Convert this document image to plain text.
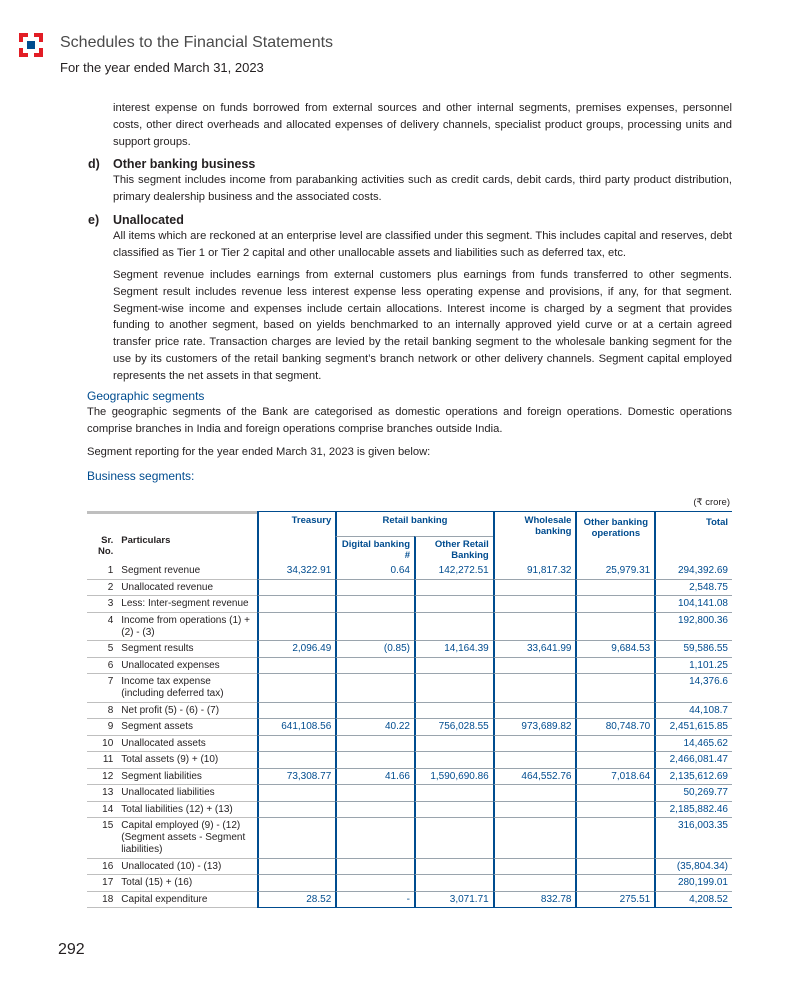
Schedules to the Financial Statements
For the year ended March 31, 2023
interest expense on funds borrowed from external sources and other internal segments, premises expenses, personnel costs, other direct overheads and allocated expenses of delivery channels, specialist product groups, processing units and support groups.
d) Other banking business
This segment includes income from parabanking activities such as credit cards, debit cards, third party product distribution, primary dealership business and the associated costs.
e) Unallocated
All items which are reckoned at an enterprise level are classified under this segment. This includes capital and reserves, debt classified as Tier 1 or Tier 2 capital and other unallocable assets and liabilities such as deferred tax, etc.
Segment revenue includes earnings from external customers plus earnings from funds transferred to other segments. Segment result includes revenue less interest expense less operating expense and provisions, if any, for that segment. Segment-wise income and expenses include certain allocations. Interest income is charged by a segment that provides funding to another segment, based on yields benchmarked to an internally approved yield curve or at a certain agreed transfer price rate. Transaction charges are levied by the retail banking segment to the wholesale banking segment for the use by its customers of the retail banking segment’s branch network or other delivery channels. Segment capital employed represents the net assets in that segment.
Geographic segments
The geographic segments of the Bank are categorised as domestic operations and foreign operations. Domestic operations comprise branches in India and foreign operations comprise branches outside India.
Segment reporting for the year ended March 31, 2023 is given below:
Business segments:
(₹ crore)
Sr. No.	Particulars	Treasury	Retail banking		Wholesale banking	Other banking operations	Total
			Digital banking #	Other Retail Banking			
1	Segment revenue	34,322.91	0.64	142,272.51	91,817.32	25,979.31	294,392.69
2	Unallocated revenue						2,548.75
3	Less: Inter-segment revenue						104,141.08
4	Income from operations (1) + (2) - (3)						192,800.36
5	Segment results	2,096.49	(0.85)	14,164.39	33,641.99	9,684.53	59,586.55
6	Unallocated expenses						1,101.25
7	Income tax expense (including deferred tax)						14,376.6
8	Net profit (5) - (6) - (7)						44,108.7
9	Segment assets	641,108.56	40.22	756,028.55	973,689.82	80,748.70	2,451,615.85
10	Unallocated assets						14,465.62
11	Total assets (9) + (10)						2,466,081.47
12	Segment liabilities	73,308.77	41.66	1,590,690.86	464,552.76	7,018.64	2,135,612.69
13	Unallocated liabilities						50,269.77
14	Total liabilities (12) + (13)						2,185,882.46
15	Capital employed (9) - (12) (Segment assets - Segment liabilities)						316,003.35
16	Unallocated (10) - (13)						(35,804.34)
17	Total (15) + (16)						280,199.01
18	Capital expenditure	28.52	-	3,071.71	832.78	275.51	4,208.52
292
